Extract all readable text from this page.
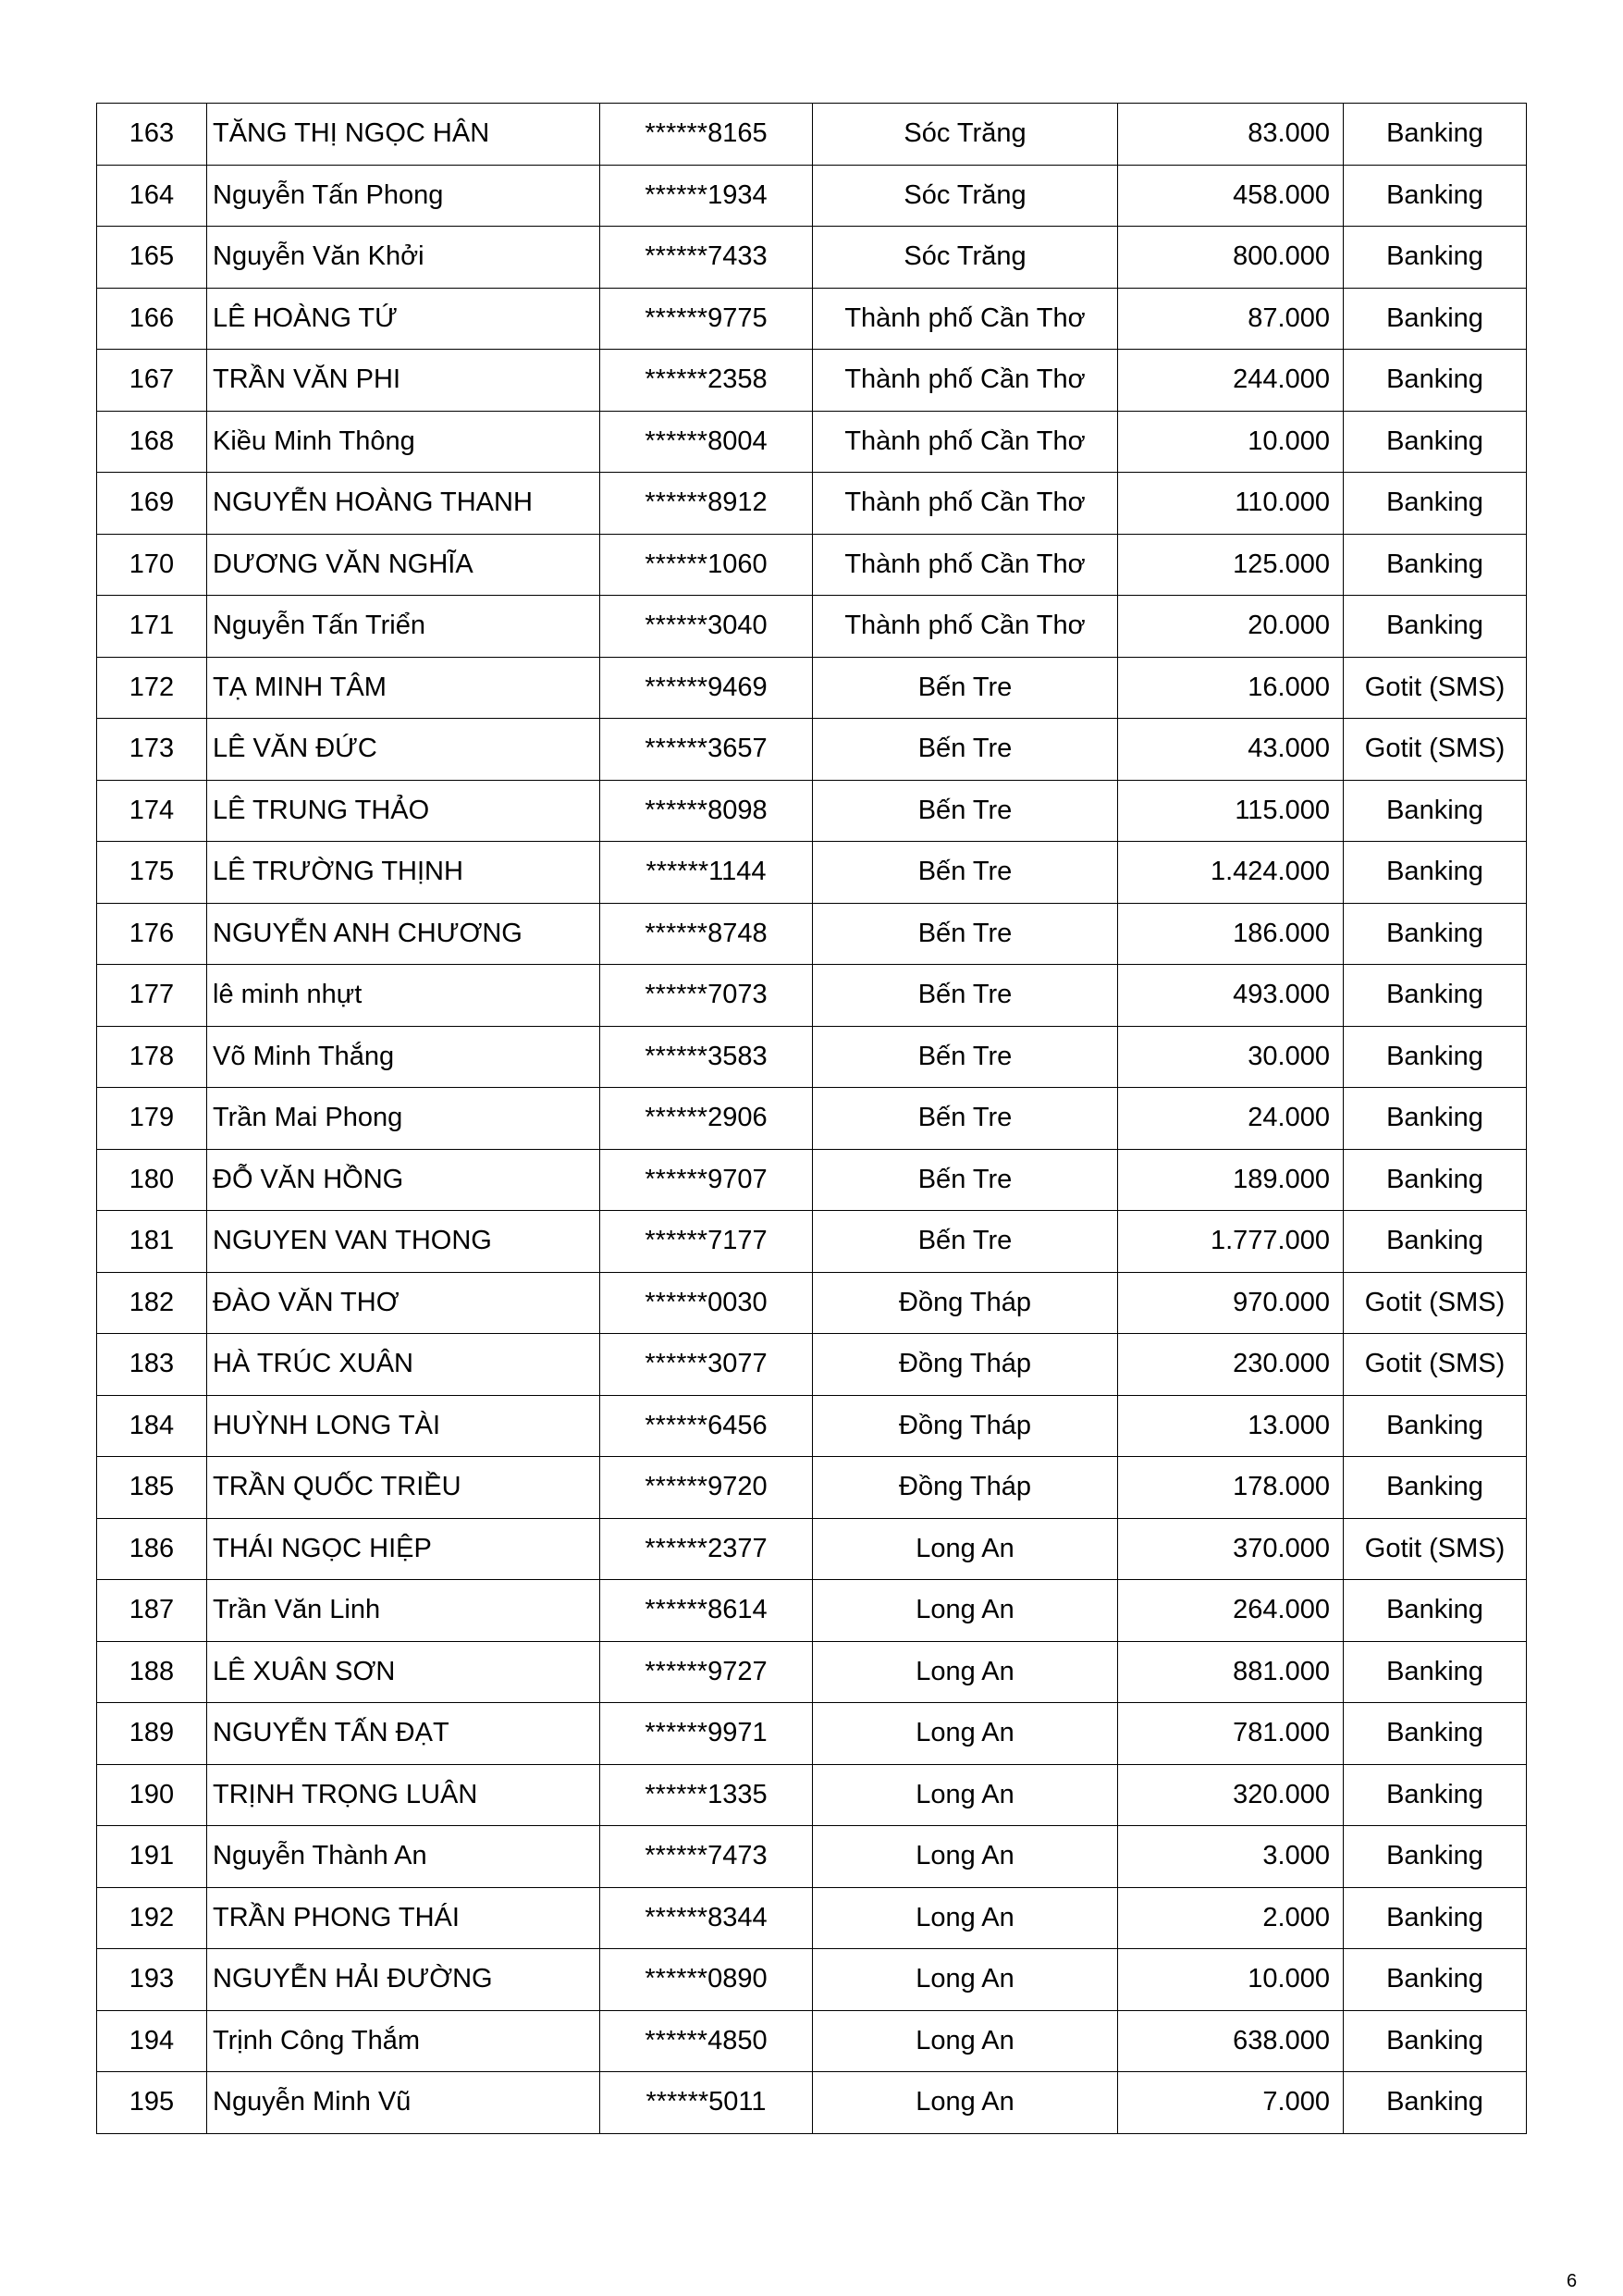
163	TĂNG THỊ NGỌC HÂN	******8165	Sóc Trăng	83.000	Banking
164	Nguyễn Tấn Phong	******1934	Sóc Trăng	458.000	Banking
165	Nguyễn Văn Khởi	******7433	Sóc Trăng	800.000	Banking
166	LÊ HOÀNG TỨ	******9775	Thành phố Cần Thơ	87.000	Banking
167	TRẦN VĂN PHI	******2358	Thành phố Cần Thơ	244.000	Banking
168	Kiều Minh Thông	******8004	Thành phố Cần Thơ	10.000	Banking
169	NGUYỄN HOÀNG THANH	******8912	Thành phố Cần Thơ	110.000	Banking
170	DƯƠNG VĂN NGHĨA	******1060	Thành phố Cần Thơ	125.000	Banking
171	Nguyễn Tấn Triển	******3040	Thành phố Cần Thơ	20.000	Banking
172	TẠ MINH TÂM	******9469	Bến Tre	16.000	Gotit (SMS)
173	LÊ VĂN ĐỨC	******3657	Bến Tre	43.000	Gotit (SMS)
174	LÊ TRUNG THẢO	******8098	Bến Tre	115.000	Banking
175	LÊ TRƯỜNG THỊNH	******1144	Bến Tre	1.424.000	Banking
176	NGUYỄN ANH CHƯƠNG	******8748	Bến Tre	186.000	Banking
177	lê minh nhựt	******7073	Bến Tre	493.000	Banking
178	Võ Minh Thắng	******3583	Bến Tre	30.000	Banking
179	Trần Mai Phong	******2906	Bến Tre	24.000	Banking
180	ĐỖ VĂN HỒNG	******9707	Bến Tre	189.000	Banking
181	NGUYEN VAN THONG	******7177	Bến Tre	1.777.000	Banking
182	ĐÀO VĂN THƠ	******0030	Đồng Tháp	970.000	Gotit (SMS)
183	HÀ TRÚC XUÂN	******3077	Đồng Tháp	230.000	Gotit (SMS)
184	HUỲNH LONG TÀI	******6456	Đồng Tháp	13.000	Banking
185	TRẦN QUỐC TRIỀU	******9720	Đồng Tháp	178.000	Banking
186	THÁI NGỌC HIỆP	******2377	Long An	370.000	Gotit (SMS)
187	Trần Văn Linh	******8614	Long An	264.000	Banking
188	LÊ XUÂN SƠN	******9727	Long An	881.000	Banking
189	NGUYỄN TẤN ĐẠT	******9971	Long An	781.000	Banking
190	TRỊNH TRỌNG LUÂN	******1335	Long An	320.000	Banking
191	Nguyễn Thành An	******7473	Long An	3.000	Banking
192	TRẦN PHONG THÁI	******8344	Long An	2.000	Banking
193	NGUYỄN HẢI ĐƯỜNG	******0890	Long An	10.000	Banking
194	Trịnh Công Thắm	******4850	Long An	638.000	Banking
195	Nguyễn Minh Vũ	******5011	Long An	7.000	Banking
6
